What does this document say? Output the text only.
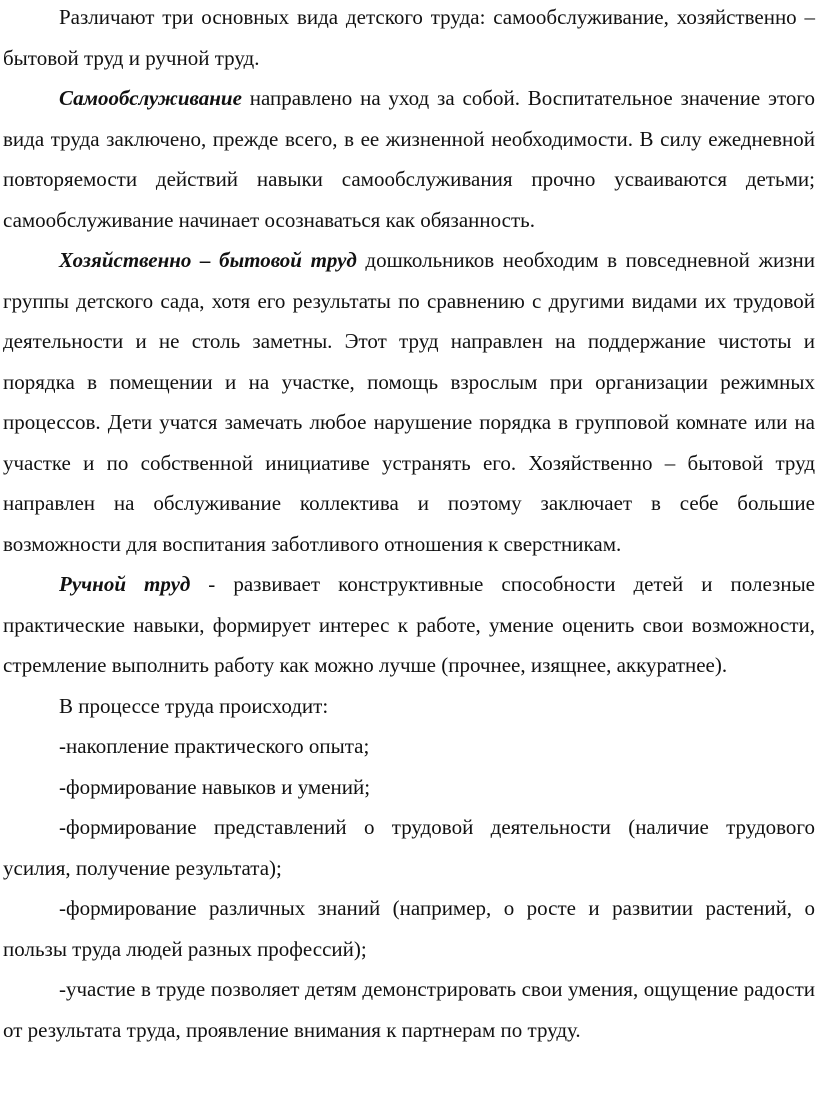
Различают три основных вида детского труда: самообслуживание, хозяйственно – бытовой труд и ручной труд.

Самообслуживание направлено на уход за собой. Воспитательное значение этого вида труда заключено, прежде всего, в ее жизненной необходимости. В силу ежедневной повторяемости действий навыки самообслуживания прочно усваиваются детьми; самообслуживание начинает осознаваться как обязанность.

Хозяйственно – бытовой труд дошкольников необходим в повседневной жизни группы детского сада, хотя его результаты по сравнению с другими видами их трудовой деятельности и не столь заметны. Этот труд направлен на поддержание чистоты и порядка в помещении и на участке, помощь взрослым при организации режимных процессов. Дети учатся замечать любое нарушение порядка в групповой комнате или на участке и по собственной инициативе устранять его. Хозяйственно – бытовой труд направлен на обслуживание коллектива и поэтому заключает в себе большие возможности для воспитания заботливого отношения к сверстникам.

Ручной труд - развивает конструктивные способности детей и полезные практические навыки, формирует интерес к работе, умение оценить свои возможности, стремление выполнить работу как можно лучше (прочнее, изящнее, аккуратнее).

В процессе труда происходит:

-накопление практического опыта;

-формирование навыков и умений;

-формирование представлений о трудовой деятельности (наличие трудового усилия, получение результата);

-формирование различных знаний (например, о росте и развитии растений, о пользы труда людей разных профессий);

-участие в труде позволяет детям демонстрировать свои умения, ощущение радости от результата труда, проявление внимания к партнерам по труду.
